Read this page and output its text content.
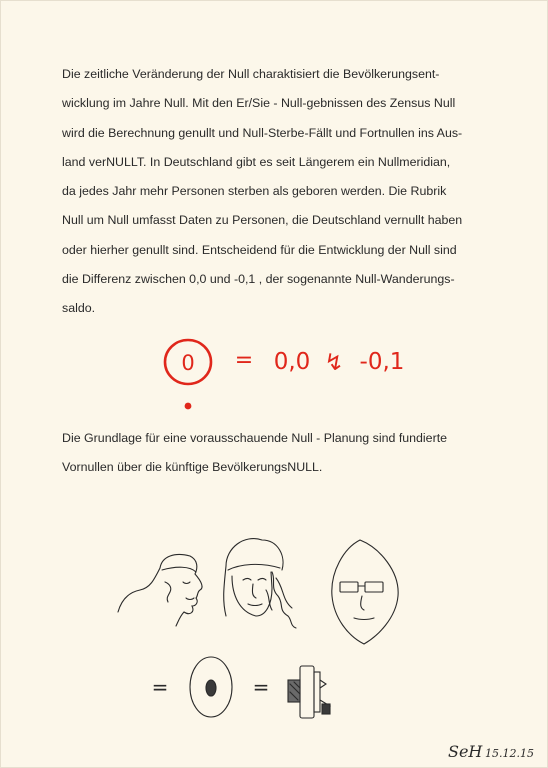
Die zeitliche Veränderung der Null charaktisiert die Bevölkerungsent-
wicklung im Jahre Null. Mit den Er/Sie - Null-gebnissen des Zensus Null
wird die Berechnung genullt und Null-Sterbe-Fällt und Fortnullen ins Aus-
land verNULLT. In Deutschland gibt es seit Längerem ein Nullmeridian,
da jedes Jahr mehr Personen sterben als geboren werden. Die Rubrik
Null um Null umfasst Daten zu Personen, die Deutschland vernullt haben
oder hierher genullt sind. Entscheidend für die Entwicklung der Null sind
die Differenz zwischen 0,0 und -0,1 , der sogenannte Null-Wanderungs-
saldo.
0 = 0,0 ↯ -0,1
=	=
SeH 15.12.15
Die Grundlage für eine vorausschauende Null - Planung sind fundierte
Vornullen über die künftige BevölkerungsNULL.
